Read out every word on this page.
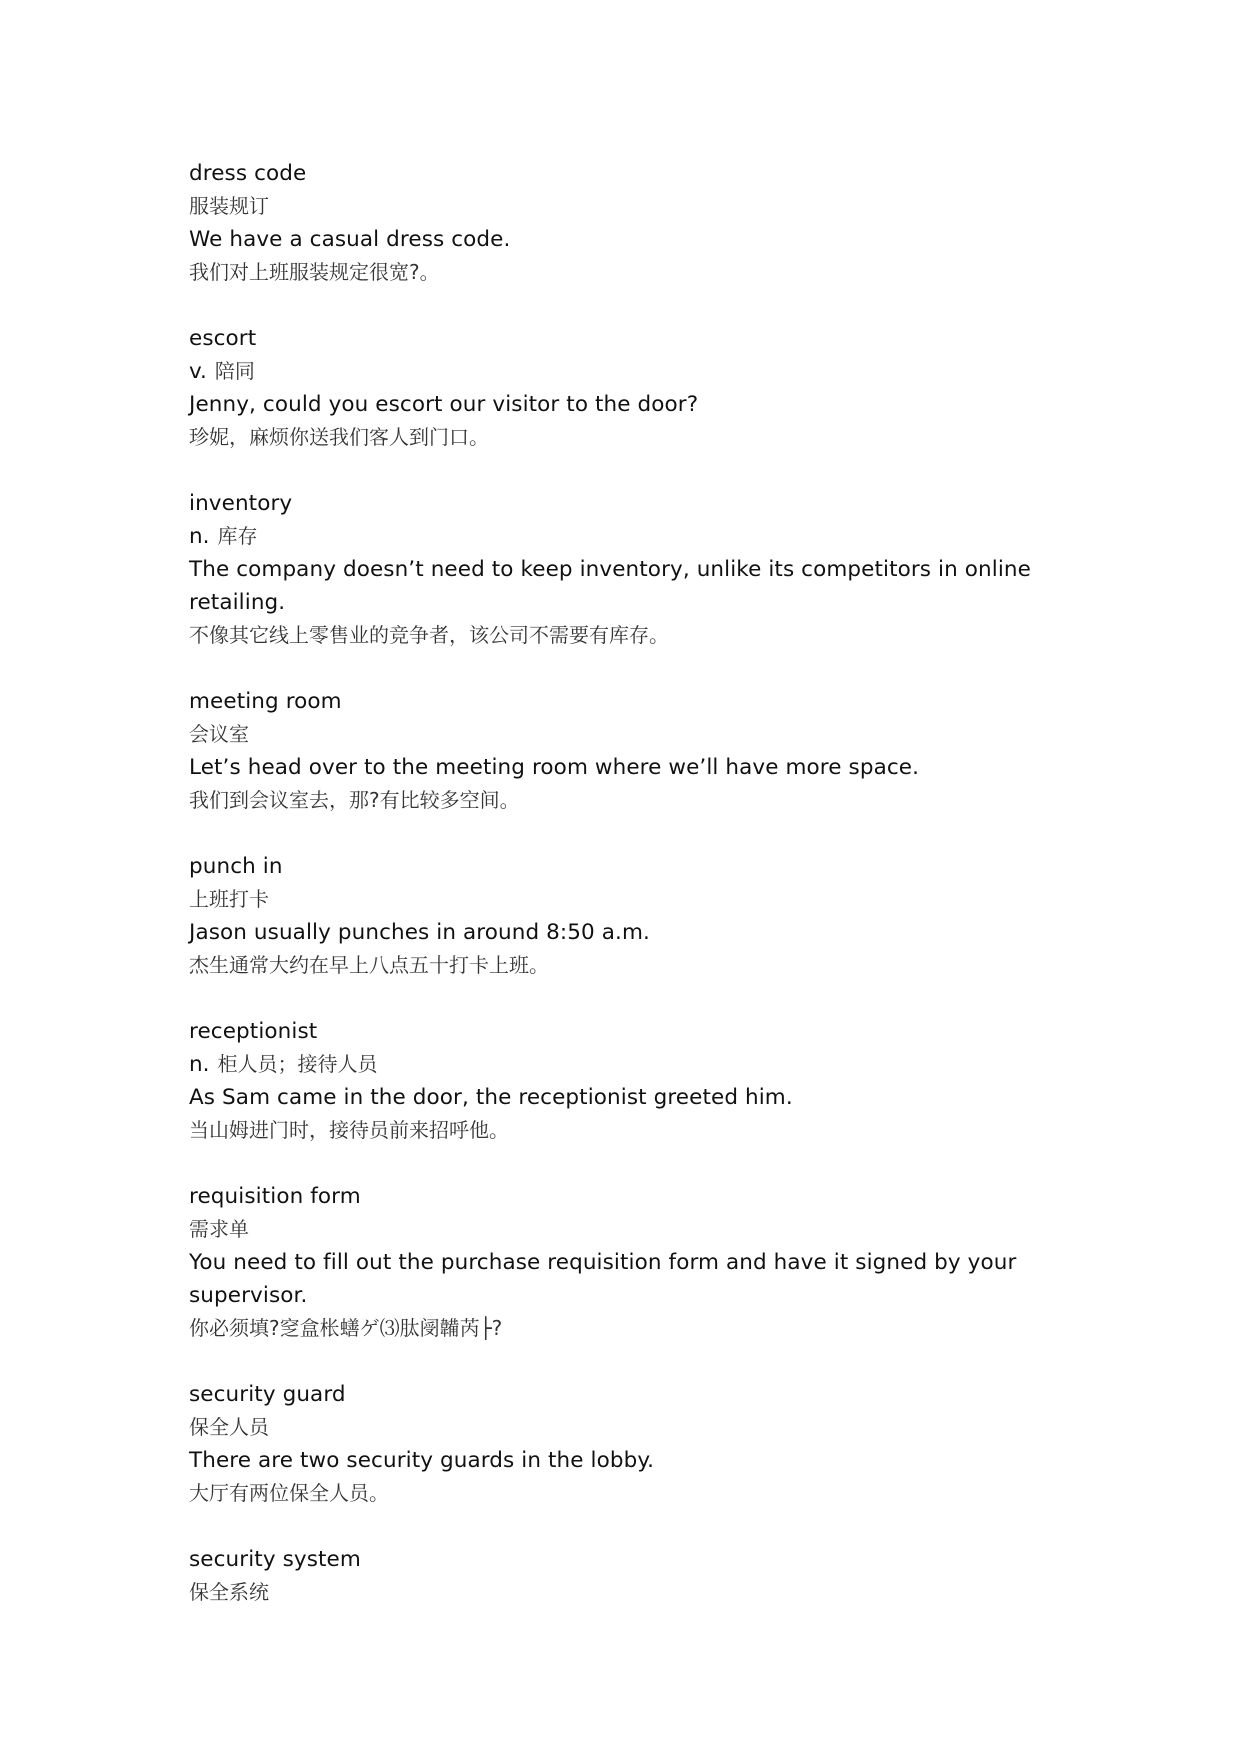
dress code
服装规订
We have a casual dress code.
我们对上班服装规定很宽?。
escort
v. 陪同
Jenny, could you escort our visitor to the door?
珍妮，麻烦你送我们客人到门口。
inventory
n. 库存
The company doesn’t need to keep inventory, unlike its competitors in online retailing.
不像其它线上零售业的竞争者，该公司不需要有库存。
meeting room
会议室
Let’s head over to the meeting room where we’ll have more space.
我们到会议室去，那?有比较多空间。
punch in
上班打卡
Jason usually punches in around 8:50 a.m.
杰生通常大约在早上八点五十打卡上班。
receptionist
n. 柜人员；接待人员
As Sam came in the door, the receptionist greeted him.
当山姆进门时，接待员前来招呼他。
requisition form
需求单
You need to fill out the purchase requisition form and have it signed by your supervisor.
你必须填?窆盒枨蟮ゲ⑶肽阌韛芮├?
security guard
保全人员
There are two security guards in the lobby.
大厅有两位保全人员。
security system
保全系统
